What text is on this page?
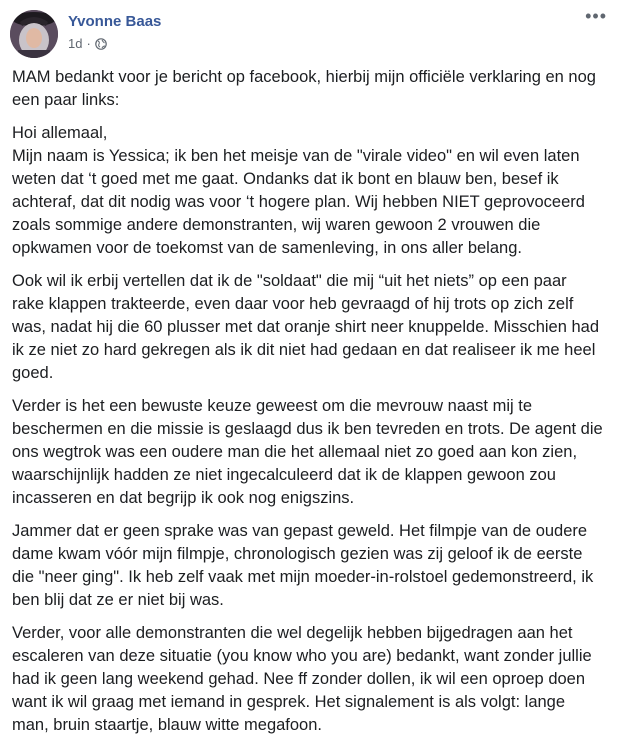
Yvonne Baas
1d ·
•••

MAM bedankt voor je bericht op facebook, hierbij mijn officiële verklaring en nog een paar links:

Hoi allemaal,
Mijn naam is Yessica; ik ben het meisje van de "virale video" en wil even laten weten dat ‘t goed met me gaat. Ondanks dat ik bont en blauw ben, besef ik achteraf, dat dit nodig was voor ‘t hogere plan. Wij hebben NIET geprovoceerd zoals sommige andere demonstranten, wij waren gewoon 2 vrouwen die opkwamen voor de toekomst van de samenleving, in ons aller belang.

Ook wil ik erbij vertellen dat ik de "soldaat" die mij “uit het niets” op een paar rake klappen trakteerde, even daar voor heb gevraagd of hij trots op zich zelf was, nadat hij die 60 plusser met dat oranje shirt neer knuppelde. Misschien had ik ze niet zo hard gekregen als ik dit niet had gedaan en dat realiseer ik me heel goed.

Verder is het een bewuste keuze geweest om die mevrouw naast mij te beschermen en die missie is geslaagd dus ik ben tevreden en trots. De agent die ons wegtrok was een oudere man die het allemaal niet zo goed aan kon zien, waarschijnlijk hadden ze niet ingecalculeerd dat ik de klappen gewoon zou incasseren en dat begrijp ik ook nog enigszins.

Jammer dat er geen sprake was van gepast geweld. Het filmpje van de oudere dame kwam vóór mijn filmpje, chronologisch gezien was zij geloof ik de eerste die "neer ging". Ik heb zelf vaak met mijn moeder-in-rolstoel gedemonstreerd, ik ben blij dat ze er niet bij was.

Verder, voor alle demonstranten die wel degelijk hebben bijgedragen aan het escaleren van deze situatie (you know who you are) bedankt, want zonder jullie had ik geen lang weekend gehad. Nee ff zonder dollen, ik wil een oproep doen want ik wil graag met iemand in gesprek. Het signalement is als volgt: lange man, bruin staartje, blauw witte megafoon.
